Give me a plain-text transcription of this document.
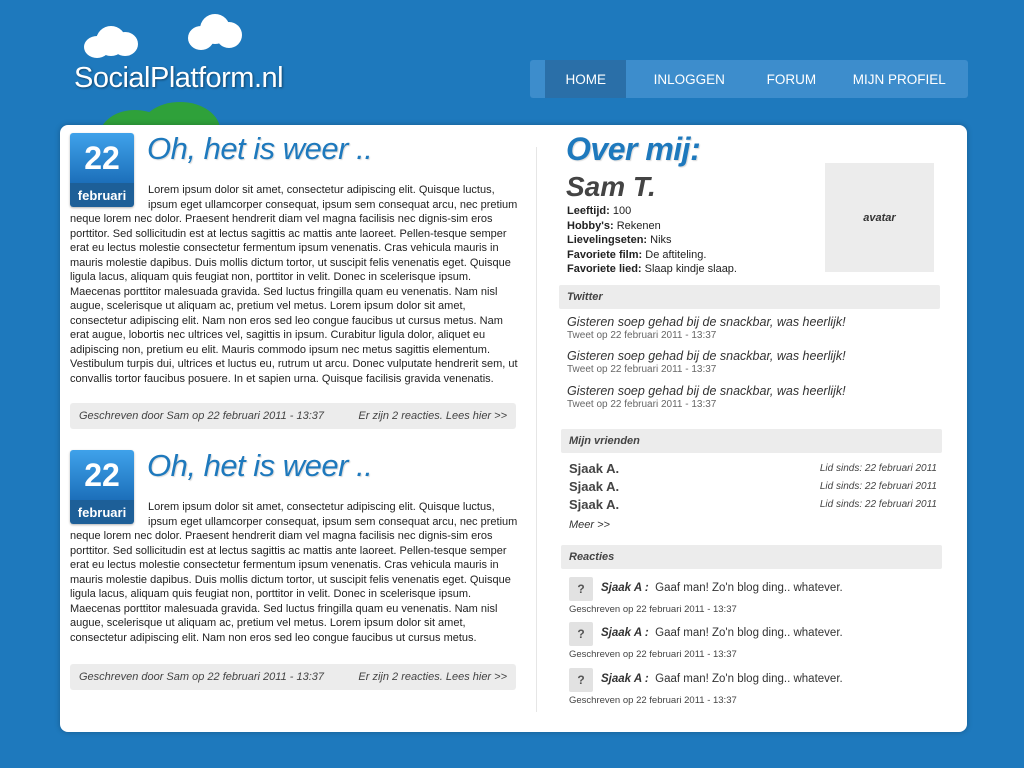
SocialPlatform.nl	HOME	INLOGGEN	FORUM	MIJN PROFIEL
22
februari
Oh, het is weer ..
Lorem ipsum dolor sit amet, consectetur adipiscing elit. Quisque luctus, ipsum eget ullamcorper consequat, ipsum sem consequat arcu, nec pretium neque lorem nec dolor. Praesent hendrerit diam vel magna facilisis nec dignis-sim eros porttitor. Sed sollicitudin est at lectus sagittis ac mattis ante laoreet. Pellen-tesque semper erat eu lectus molestie consectetur fermentum ipsum venenatis. Cras vehicula mauris in mauris molestie dapibus. Duis mollis dictum tortor, ut suscipit felis venenatis eget. Quisque ligula lacus, aliquam quis feugiat non, porttitor in velit. Donec in scelerisque ipsum. Maecenas porttitor malesuada gravida. Sed luctus fringilla quam eu venenatis. Nam nisl augue, scelerisque ut aliquam ac, pretium vel metus. Lorem ipsum dolor sit amet, consectetur adipiscing elit. Nam non eros sed leo congue faucibus ut cursus metus. Nam erat augue, lobortis nec ultrices vel, sagittis in ipsum. Curabitur ligula dolor, aliquet eu adipiscing non, pretium eu elit. Mauris commodo ipsum nec metus sagittis elementum. Vestibulum turpis dui, ultrices et luctus eu, rutrum ut arcu. Donec vulputate hendrerit sem, ut convallis tortor faucibus posuere. In et sapien urna. Quisque facilisis gravida venenatis.
Geschreven door Sam op 22 februari 2011 - 13:37	Er zijn 2 reacties. Lees hier >>
22
februari
Oh, het is weer ..
Lorem ipsum dolor sit amet, consectetur adipiscing elit. Quisque luctus, ipsum eget ullamcorper consequat, ipsum sem consequat arcu, nec pretium neque lorem nec dolor. Praesent hendrerit diam vel magna facilisis nec dignis-sim eros porttitor. Sed sollicitudin est at lectus sagittis ac mattis ante laoreet. Pellen-tesque semper erat eu lectus molestie consectetur fermentum ipsum venenatis. Cras vehicula mauris in mauris molestie dapibus. Duis mollis dictum tortor, ut suscipit felis venenatis eget. Quisque ligula lacus, aliquam quis feugiat non, porttitor in velit. Donec in scelerisque ipsum. Maecenas porttitor malesuada gravida. Sed luctus fringilla quam eu venenatis. Nam nisl augue, scelerisque ut aliquam ac, pretium vel metus. Lorem ipsum dolor sit amet, consectetur adipiscing elit. Nam non eros sed leo congue faucibus ut cursus metus.
Geschreven door Sam op 22 februari 2011 - 13:37	Er zijn 2 reacties. Lees hier >>
Over mij:
Sam T.
Leeftijd: 100
Hobby's: Rekenen
Lievelingseten: Niks
Favoriete film: De aftiteling.
Favoriete lied: Slaap kindje slaap.
avatar
Twitter
Gisteren soep gehad bij de snackbar, was heerlijk!
Tweet op 22 februari 2011 - 13:37
Gisteren soep gehad bij de snackbar, was heerlijk!
Tweet op 22 februari 2011 - 13:37
Gisteren soep gehad bij de snackbar, was heerlijk!
Tweet op 22 februari 2011 - 13:37
Mijn vrienden
Sjaak A.	Lid sinds: 22 februari 2011
Sjaak A.	Lid sinds: 22 februari 2011
Sjaak A.	Lid sinds: 22 februari 2011
Meer >>
Reacties
?	Sjaak A : Gaaf man! Zo'n blog ding.. whatever.
Geschreven op 22 februari 2011 - 13:37
?	Sjaak A : Gaaf man! Zo'n blog ding.. whatever.
Geschreven op 22 februari 2011 - 13:37
?	Sjaak A : Gaaf man! Zo'n blog ding.. whatever.
Geschreven op 22 februari 2011 - 13:37
